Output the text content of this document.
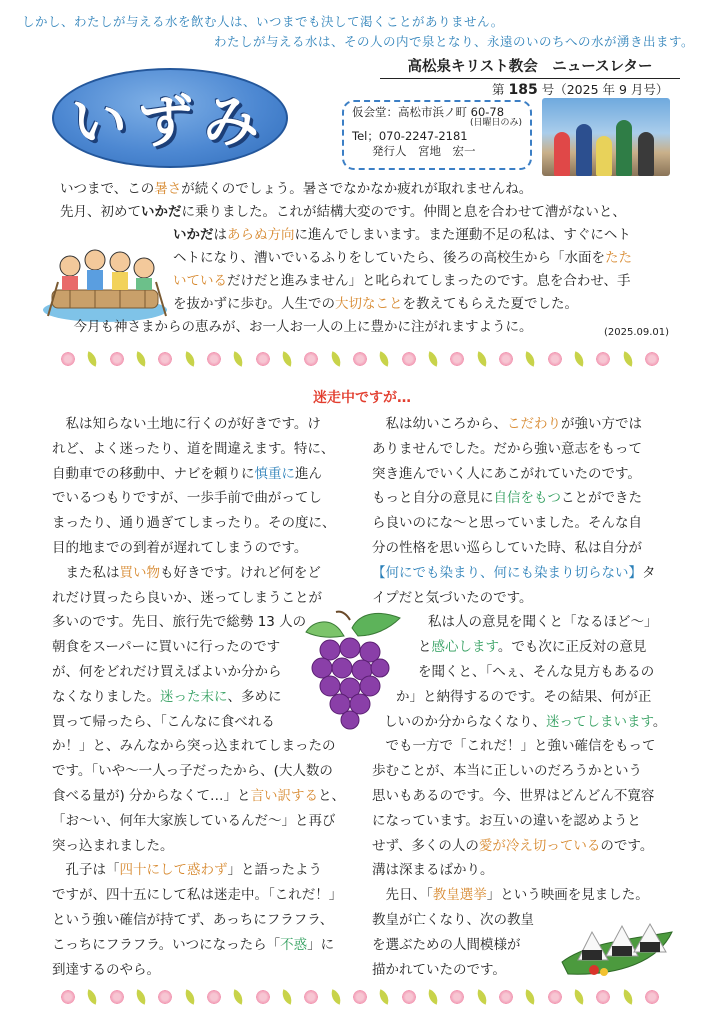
しかし、わたしが与える水を飲む人は、いつまでも決して渇くことがありません。
わたしが与える水は、その人の内で泉となり、永遠のいのちへの水が湧き出ます。
高松泉キリスト教会　ニュースレター
第 185 号（2025 年 9 月号）
いずみ	仮会堂：高松市浜ノ町 60-78
(日曜日のみ)
Tel；070-2247-2181
発行人　宮地　宏一

いつまで、この暑さが続くのでしょう。暑さでなかなか疲れが取れませんね。

先月、初めていかだに乗りました。これが結構大変のです。仲間と息を合わせて漕がないと、

いかだはあらぬ方向に進んでしまいます。また運動不足の私は、すぐにヘト

ヘトになり、漕いでいるふりをしていたら、後ろの高校生から「水面をたた

いているだけだと進みません」と叱られてしまったのです。息を合わせ、手

を抜かずに歩む。人生での大切なことを教えてもらえた夏でした。

　今月も神さまからの恵みが、お一人お一人の上に豊かに注がれますように。	(2025.09.01)
迷走中ですが…

　私は知らない土地に行くのが好きです。け

れど、よく迷ったり、道を間違えます。特に、

自動車での移動中、ナビを頼りに慎重に進ん

でいるつもりですが、一歩手前で曲がってし

まったり、通り過ぎてしまったり。その度に、

目的地までの到着が遅れてしまうのです。

　また私は買い物も好きです。けれど何をど

れだけ買ったら良いか、迷ってしまうことが

多いのです。先日、旅行先で総勢 13 人の

朝食をスーパーに買いに行ったのです

が、何をどれだけ買えばよいか分から

なくなりました。迷った末に、多めに

買って帰ったら、「こんなに食べれる

か！」と、みんなから突っ込まれてしまったの

です。「いや〜一人っ子だったから、(大人数の

食べる量が) 分からなくて…」と言い訳すると、

「お〜い、何年大家族しているんだ〜」と再び

突っ込まれました。

　孔子は「四十にして惑わず」と語ったよう

ですが、四十五にして私は迷走中。「これだ！」

という強い確信が持てず、あっちにフラフラ、

こっちにフラフラ。いつになったら「不惑」に

到達するのやら。

　私は幼いころから、こだわりが強い方では

ありませんでした。だから強い意志をもって

突き進んでいく人にあこがれていたのです。

もっと自分の意見に自信をもつことができた

ら良いのにな〜と思っていました。そんな自

分の性格を思い巡らしていた時、私は自分が

【何にでも染まり、何にも染まり切らない】タ

イプだと気づいたのです。

私は人の意見を聞くと「なるほど〜」

と感心します。でも次に正反対の意見

を聞くと、「へぇ、そんな見方もあるの

か」と納得するのです。その結果、何が正

しいのか分からなくなり、迷ってしまいます。

　でも一方で「これだ！」と強い確信をもって

歩むことが、本当に正しいのだろうかという

思いもあるのです。今、世界はどんどん不寛容

になっています。お互いの違いを認めようと

せず、多くの人の愛が冷え切っているのです。

溝は深まるばかり。

　先日、「教皇選挙」という映画を見ました。

教皇が亡くなり、次の教皇

を選ぶための人間模様が

描かれていたのです。
